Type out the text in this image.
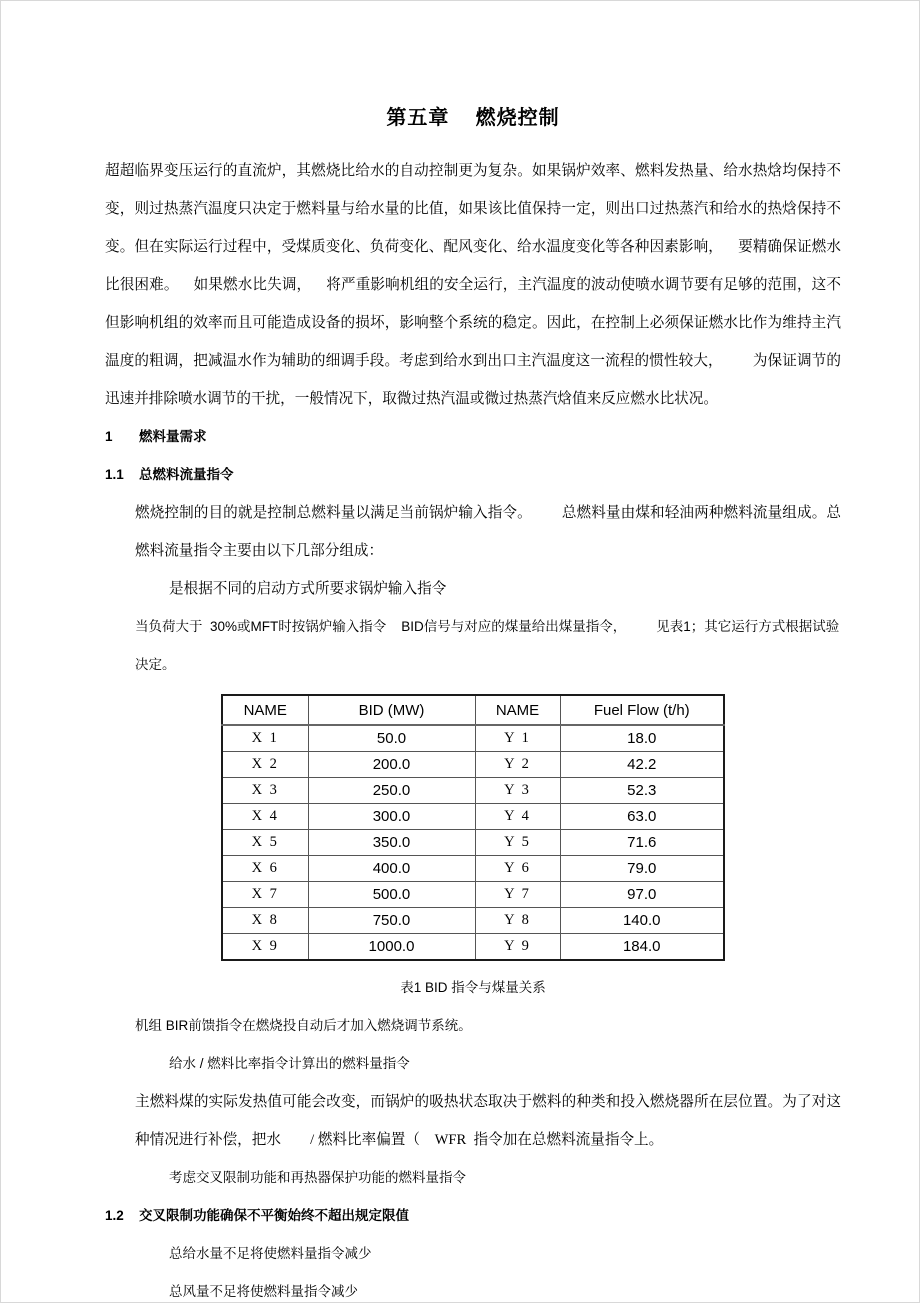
第五章    燃烧控制

超超临界变压运行的直流炉，其燃烧比给水的自动控制更为复杂。如果锅炉效率、燃料发热量、给水热焓均保持不变，则过热蒸汽温度只决定于燃料量与给水量的比值，如果该比值保持一定，则出口过热蒸汽和给水的热焓保持不变。但在实际运行过程中，受煤质变化、负荷变化、配风变化、给水温度变化等各种因素影响，    要精确保证燃水比很困难。    如果燃水比失调，    将严重影响机组的安全运行，主汽温度的波动使喷水调节要有足够的范围，这不但影响机组的效率而且可能造成设备的损坏，影响整个系统的稳定。因此，在控制上必须保证燃水比作为维持主汽温度的粗调，把减温水作为辅助的细调手段。考虑到给水到出口主汽温度这一流程的惯性较大，        为保证调节的迅速并排除喷水调节的干扰，一般情况下，取微过热汽温或微过热蒸汽焓值来反应燃水比状况。

1 燃料量需求

1.1 总燃料流量指令

燃烧控制的目的就是控制总燃料量以满足当前锅炉输入指令。        总燃料量由煤和轻油两种燃料流量组成。总燃料流量指令主要由以下几部分组成：

是根据不同的启动方式所要求锅炉输入指令

当负荷大于  30%或MFT时按锅炉输入指令    BID信号与对应的煤量给出煤量指令，        见表1；其它运行方式根据试验决定。

NAME	BID (MW)	NAME	Fuel Flow (t/h)
X 1	50.0	Y 1	18.0
X 2	200.0	Y 2	42.2
X 3	250.0	Y 3	52.3
X 4	300.0	Y 4	63.0
X 5	350.0	Y 5	71.6
X 6	400.0	Y 6	79.0
X 7	500.0	Y 7	97.0
X 8	750.0	Y 8	140.0
X 9	1000.0	Y 9	184.0

表1 BID 指令与煤量关系

机组 BIR前馈指令在燃烧投自动后才加入燃烧调节系统。

给水 / 燃料比率指令计算出的燃料量指令

主燃料煤的实际发热值可能会改变，而锅炉的吸热状态取决于燃料的种类和投入燃烧器所在层位置。为了对这种情况进行补偿，把水        / 燃料比率偏置（    WFR  指令加在总燃料流量指令上。

考虑交叉限制功能和再热器保护功能的燃料量指令

1.2 交叉限制功能确保不平衡始终不超出规定限值

总给水量不足将使燃料量指令减少

总风量不足将使燃料量指令减少
